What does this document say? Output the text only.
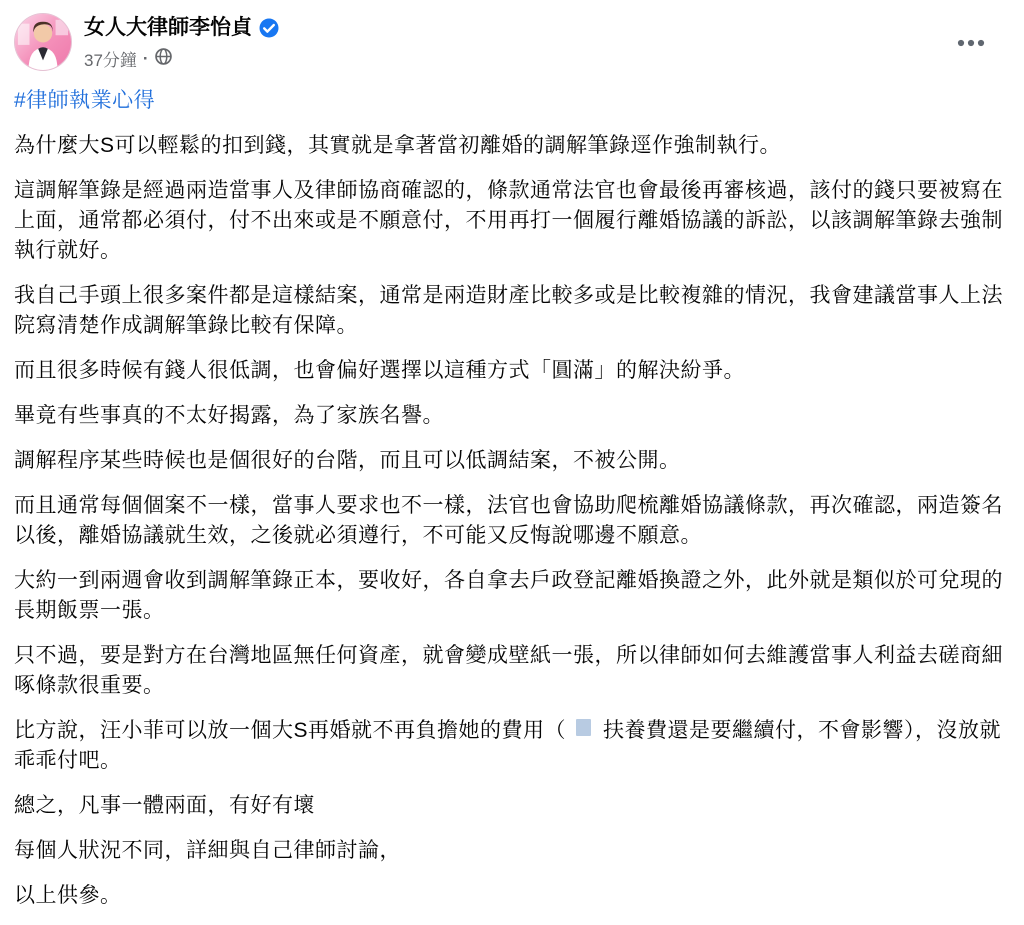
女人大律師李怡貞
37分鐘 ·

#律師執業心得

為什麼大S可以輕鬆的扣到錢，其實就是拿著當初離婚的調解筆錄逕作強制執行。

這調解筆錄是經過兩造當事人及律師協商確認的，條款通常法官也會最後再審核過，該付的錢只要被寫在上面，通常都必須付，付不出來或是不願意付，不用再打一個履行離婚協議的訴訟，以該調解筆錄去強制執行就好。

我自己手頭上很多案件都是這樣結案，通常是兩造財產比較多或是比較複雜的情況，我會建議當事人上法院寫清楚作成調解筆錄比較有保障。

而且很多時候有錢人很低調，也會偏好選擇以這種方式「圓滿」的解決紛爭。

畢竟有些事真的不太好揭露，為了家族名譽。

調解程序某些時候也是個很好的台階，而且可以低調結案，不被公開。

而且通常每個個案不一樣，當事人要求也不一樣，法官也會協助爬梳離婚協議條款，再次確認，兩造簽名以後，離婚協議就生效，之後就必須遵行，不可能又反悔說哪邊不願意。

大約一到兩週會收到調解筆錄正本，要收好，各自拿去戶政登記離婚換證之外，此外就是類似於可兌現的長期飯票一張。

只不過，要是對方在台灣地區無任何資產，就會變成壁紙一張，所以律師如何去維護當事人利益去磋商細啄條款很重要。

比方說，汪小菲可以放一個大S再婚就不再負擔她的費用（ 扶養費還是要繼續付，不會影響），沒放就乖乖付吧。

總之，凡事一體兩面，有好有壞

每個人狀況不同，詳細與自己律師討論，

以上供參。
